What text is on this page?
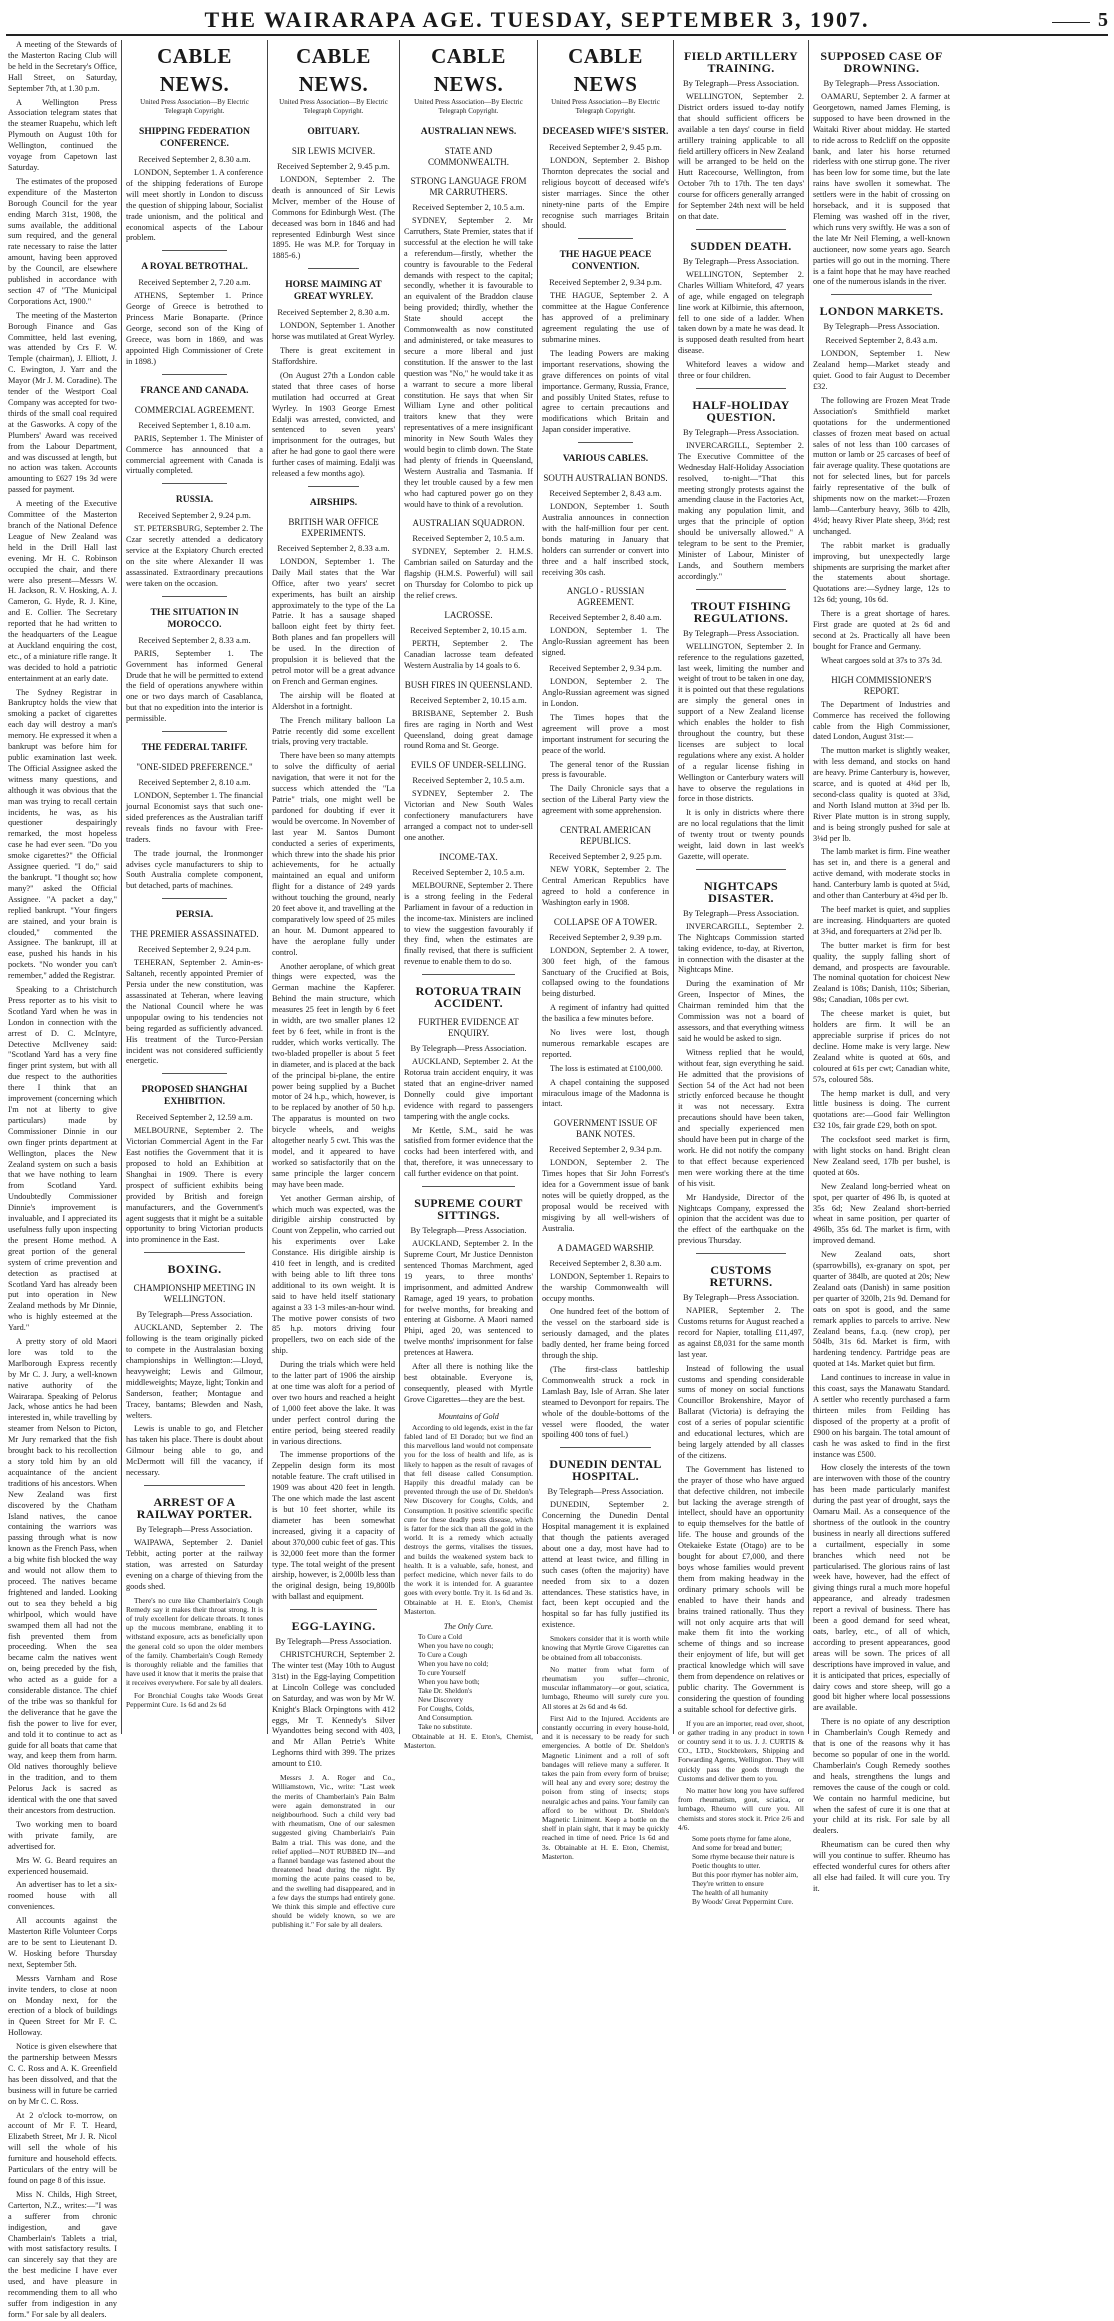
THE WAIRARAPA AGE. TUESDAY, SEPTEMBER 3, 1907.	5

A meeting of the Stewards of the Masterton Racing Club will be held in the Secretary's Office, Hall Street, on Saturday, September 7th, at 1.30 p.m.

A Wellington Press Association telegram states that the steamer Ruapehu, which left Plymouth on August 10th for Wellington, continued the voyage from Capetown last Saturday.

The estimates of the proposed expenditure of the Masterton Borough Council for the year ending March 31st, 1908, the sums available, the additional sum required, and the general rate necessary to raise the latter amount, having been approved by the Council, are elsewhere published in accordance with section 47 of "The Municipal Corporations Act, 1900."

The meeting of the Masterton Borough Finance and Gas Committee, held last evening, was attended by Crs F. W. Temple (chairman), J. Elliott, J. C. Ewington, J. Yarr and the Mayor (Mr J. M. Coradine). The tender of the Westport Coal Company was accepted for two-thirds of the small coal required at the Gasworks. A copy of the Plumbers' Award was received from the Labour Department, and was discussed at length, but no action was taken. Accounts amounting to £627 19s 3d were passed for payment.

A meeting of the Executive Committee of the Masterton branch of the National Defence League of New Zealand was held in the Drill Hall last evening. Mr H. C. Robinson occupied the chair, and there were also present—Messrs W. H. Jackson, R. V. Hosking, A. J. Cameron, G. Hyde, R. J. Kine, and E. Collier. The Secretary reported that he had written to the headquarters of the League at Auckland enquiring the cost, etc., of a miniature rifle range. It was decided to hold a patriotic entertainment at an early date.

The Sydney Registrar in Bankruptcy holds the view that smoking a packet of cigarettes each day will destroy a man's memory. He expressed it when a bankrupt was before him for public examination last week. The Official Assignee asked the witness many questions, and although it was obvious that the man was trying to recall certain incidents, he was, as his questioner despairingly remarked, the most hopeless case he had ever seen. "Do you smoke cigarettes?" the Official Assignee queried. "I do," said the bankrupt. "I thought so; how many?" asked the Official Assignee. "A packet a day," replied bankrupt. "Your fingers are stained, and your brain is clouded," commented the Assignee. The bankrupt, ill at ease, pushed his hands in his pockets. "No wonder you can't remember," added the Registrar.

Speaking to a Christchurch Press reporter as to his visit to Scotland Yard when he was in London in connection with the arrest of D. C. McIntyre, Detective McIlveney said: "Scotland Yard has a very fine finger print system, but with all due respect to the authorities there I think that an improvement (concerning which I'm not at liberty to give particulars) made by Commissioner Dinnie in our own finger prints department at Wellington, places the New Zealand system on such a basis that we have nothing to learn from Scotland Yard. Undoubtedly Commissioner Dinnie's improvement is invaluable, and I appreciated its usefulness fully upon inspecting the present Home method. A great portion of the general system of crime prevention and detection as practised at Scotland Yard has already been put into operation in New Zealand methods by Mr Dinnie, who is highly esteemed at the Yard."

A pretty story of old Maori lore was told to the Marlborough Express recently by Mr C. J. Jury, a well-known native authority of the Wairarapa. Speaking of Pelorus Jack, whose antics he had been interested in, while travelling by steamer from Nelson to Picton, Mr Jury remarked that the fish brought back to his recollection a story told him by an old acquaintance of the ancient traditions of his ancestors. When New Zealand was first discovered by the Chatham Island natives, the canoe containing the warriors was passing through what is now known as the French Pass, when a big white fish blocked the way and would not allow them to proceed. The natives became frightened and landed. Looking out to sea they beheld a big whirlpool, which would have swamped them all had not the fish prevented them from proceeding. When the sea became calm the natives went on, being preceded by the fish, who acted as a guide for a considerable distance. The chief of the tribe was so thankful for the deliverance that he gave the fish the power to live for ever, and told it to continue to act as guide for all boats that came that way, and keep them from harm. Old natives thoroughly believe in the tradition, and to them Pelorus Jack is sacred as identical with the one that saved their ancestors from destruction.

Two working men to board with private family, are advertised for.

Mrs W. G. Beard requires an experienced housemaid.

An advertiser has to let a six-roomed house with all conveniences.

All accounts against the Masterton Rifle Volunteer Corps are to be sent to Lieutenant D. W. Hosking before Thursday next, September 5th.

Messrs Varnham and Rose invite tenders, to close at noon on Monday next, for the erection of a block of buildings in Queen Street for Mr F. C. Holloway.

Notice is given elsewhere that the partnership between Messrs C. C. Ross and A. K. Greenfield has been dissolved, and that the business will in future be carried on by Mr C. C. Ross.

At 2 o'clock to-morrow, on account of Mr F. T. Heard, Elizabeth Street, Mr J. R. Nicol will sell the whole of his furniture and household effects. Particulars of the entry will be found on page 8 of this issue.

Miss N. Childs, High Street, Carterton, N.Z., writes:—"I was a sufferer from chronic indigestion, and gave Chamberlain's Tablets a trial, with most satisfactory results. I can sincerely say that they are the best medicine I have ever used, and have pleasure in recommending them to all who suffer from indigestion in any form." For sale by all dealers.

CABLE NEWS.
United Press Association—By Electric Telegraph Copyright.
SHIPPING FEDERATION CONFERENCE.
Received September 2, 8.30 a.m.

LONDON, September 1. A conference of the shipping federations of Europe will meet shortly in London to discuss the question of shipping labour, Socialist trade unionism, and the political and economical aspects of the Labour problem.

A ROYAL BETROTHAL.
Received September 2, 7.20 a.m.

ATHENS, September 1. Prince George of Greece is betrothed to Princess Marie Bonaparte. (Prince George, second son of the King of Greece, was born in 1869, and was appointed High Commissioner of Crete in 1898.)

FRANCE AND CANADA.
COMMERCIAL AGREEMENT.
Received September 1, 8.10 a.m.

PARIS, September 1. The Minister of Commerce has announced that a commercial agreement with Canada is virtually completed.

RUSSIA.
Received September 2, 9.24 p.m.

ST. PETERSBURG, September 2. The Czar secretly attended a dedicatory service at the Expiatory Church erected on the site where Alexander II was assassinated. Extraordinary precautions were taken on the occasion.

THE SITUATION IN MOROCCO.
Received September 2, 8.33 a.m.

PARIS, September 1. The Government has informed General Drude that he will be permitted to extend the field of operations anywhere within one or two days march of Casablanca, but that no expedition into the interior is permissible.

THE FEDERAL TARIFF.
"ONE-SIDED PREFERENCE."
Received September 2, 8.10 a.m.

LONDON, September 1. The financial journal Economist says that such one-sided preferences as the Australian tariff reveals finds no favour with Free-traders.

The trade journal, the Ironmonger advises cycle manufacturers to ship to South Australia complete component, but detached, parts of machines.

PERSIA.
THE PREMIER ASSASSINATED.
Received September 2, 9.24 p.m.

TEHERAN, September 2. Amin-es-Saltaneh, recently appointed Premier of Persia under the new constitution, was assassinated at Teheran, where leaving the National Council where he was unpopular owing to his tendencies not being regarded as sufficiently advanced. His treatment of the Turco-Persian incident was not considered sufficiently energetic.

PROPOSED SHANGHAI EXHIBITION.
Received September 2, 12.59 a.m.

MELBOURNE, September 2. The Victorian Commercial Agent in the Far East notifies the Government that it is proposed to hold an Exhibition at Shanghai in 1909. There is every prospect of sufficient exhibits being provided by British and foreign manufacturers, and the Government's agent suggests that it might be a suitable opportunity to bring Victorian products into prominence in the East.

BOXING.
CHAMPIONSHIP MEETING IN WELLINGTON.
By Telegraph—Press Association.

AUCKLAND, September 2. The following is the team originally picked to compete in the Australasian boxing championships in Wellington:—Lloyd, heavyweight; Lewis and Gilmour, middleweights; Mayze, light; Tonkin and Sanderson, feather; Montague and Tracey, bantams; Blewden and Nash, welters.

Lewis is unable to go, and Fletcher has taken his place. There is doubt about Gilmour being able to go, and McDermott will fill the vacancy, if necessary.

ARREST OF A RAILWAY PORTER.
By Telegraph—Press Association.

WAIPAWA, September 2. Daniel Tebbit, acting porter at the railway station, was arrested on Saturday evening on a charge of thieving from the goods shed.

There's no cure like Chamberlain's Cough Remedy say it makes their throat strong. It is of truly excellent for delicate throats. It tones up the mucous membrane, enabling it to withstand exposure, acts as beneficially upon the general cold so upon the older members of the family. Chamberlain's Cough Remedy is thoroughly reliable and the families that have used it know that it merits the praise that it receives everywhere. For sale by all dealers.

For Bronchial Coughs take Woods Great Peppermint Cure. 1s 6d and 2s 6d

CABLE NEWS.
United Press Association—By Electric Telegraph Copyright.
OBITUARY.
SIR LEWIS MCIVER.
Received September 2, 9.45 p.m.

LONDON, September 2. The death is announced of Sir Lewis McIver, member of the House of Commons for Edinburgh West. (The deceased was born in 1846 and had represented Edinburgh West since 1895. He was M.P. for Torquay in 1885-6.)

HORSE MAIMING AT GREAT WYRLEY.
Received September 2, 8.30 a.m.

LONDON, September 1. Another horse was mutilated at Great Wyrley.

There is great excitement in Staffordshire.

(On August 27th a London cable stated that three cases of horse mutilation had occurred at Great Wyrley. In 1903 George Ernest Edalji was arrested, convicted, and sentenced to seven years' imprisonment for the outrages, but after he had gone to gaol there were further cases of maiming. Edalji was released a few months ago).

AIRSHIPS.
BRITISH WAR OFFICE EXPERIMENTS.
Received September 2, 8.33 a.m.

LONDON, September 1. The Daily Mail states that the War Office, after two years' secret experiments, has built an airship approximately to the type of the La Patrie. It has a sausage shaped balloon eight feet by thirty feet. Both planes and fan propellers will be used. In the direction of propulsion it is believed that the petrol motor will be a great advance on French and German engines.

The airship will be floated at Aldershot in a fortnight.

The French military balloon La Patrie recently did some excellent trials, proving very tractable.

There have been so many attempts to solve the difficulty of aerial navigation, that were it not for the success which attended the "La Patrie" trials, one might well be pardoned for doubting if ever it would be overcome. In November of last year M. Santos Dumont conducted a series of experiments, which threw into the shade his prior achievements, for he actually maintained an equal and uniform flight for a distance of 249 yards without touching the ground, nearly 20 feet above it, and travelling at the comparatively low speed of 25 miles an hour. M. Dumont appeared to have the aeroplane fully under control.

Another aeroplane, of which great things were expected, was the German machine the Kapferer. Behind the main structure, which measures 25 feet in length by 6 feet in width, are two smaller planes 12 feet by 6 feet, while in front is the rudder, which works vertically. The two-bladed propeller is about 5 feet in diameter, and is placed at the back of the principal bi-plane, the entire power being supplied by a Buchet motor of 24 h.p., which, however, is to be replaced by another of 50 h.p. The apparatus is mounted on two bicycle wheels, and weighs altogether nearly 5 cwt. This was the model, and it appeared to have worked so satisfactorily that on the same principle the larger concern may have been made.

Yet another German airship, of which much was expected, was the dirigible airship constructed by Count von Zeppelin, who carried out his experiments over Lake Constance. His dirigible airship is 410 feet in length, and is credited with being able to lift three tons additional to its own weight. It is said to have held itself stationary against a 33 1-3 miles-an-hour wind. The motive power consists of two 85 h.p. motors driving four propellers, two on each side of the ship.

During the trials which were held to the latter part of 1906 the airship at one time was aloft for a period of over two hours and reached a height of 1,000 feet above the lake. It was under perfect control during the entire period, being steered readily in various directions.

The immense proportions of the Zeppelin design form its most notable feature. The craft utilised in 1909 was about 420 feet in length. The one which made the last ascent is but 10 feet shorter, while its diameter has been somewhat increased, giving it a capacity of about 370,000 cubic feet of gas. This is 32,000 feet more than the former type. The total weight of the present airship, however, is 2,000lb less than the original design, being 19,800lb with ballast and equipment.

EGG-LAYING.
By Telegraph—Press Association.

CHRISTCHURCH, September 2. The winter test (May 10th to August 31st) in the Egg-laying Competition at Lincoln College was concluded on Saturday, and was won by Mr W. Knight's Black Orpingtons with 412 eggs, Mr T. Kennedy's Silver Wyandottes being second with 403, and Mr Allan Petrie's White Leghorns third with 399. The prizes amount to £10.

Messrs J. A. Roger and Co., Williamstown, Vic., write: "Last week the merits of Chamberlain's Pain Balm were again demonstrated in our neighbourhood. Such a child very bad with rheumatism, One of our salesmen suggested giving Chamberlain's Pain Balm a trial. This was done, and the relief applied—NOT RUBBED IN—and a flannel bandage was fastened about the threatened head during the night. By morning the acute pains ceased to be, and the swelling had disappeared, and in a few days the stumps had entirely gone. We think this simple and effective cure should be widely known, so we are publishing it." For sale by all dealers.

CABLE NEWS.
United Press Association—By Electric Telegraph Copyright.
AUSTRALIAN NEWS.
STATE AND COMMONWEALTH.
STRONG LANGUAGE FROM MR CARRUTHERS.
Received September 2, 10.5 a.m.

SYDNEY, September 2. Mr Carruthers, State Premier, states that if successful at the election he will take a referendum—firstly, whether the country is favourable to the Federal demands with respect to the capital; secondly, whether it is favourable to an equivalent of the Braddon clause being provided; thirdly, whether the State should accept the Commonwealth as now constituted and administered, or take measures to secure a more liberal and just constitution. If the answer to the last question was "No," he would take it as a warrant to secure a more liberal constitution. He says that when Sir William Lyne and other political traitors knew that they were representatives of a mere insignificant minority in New South Wales they would begin to climb down. The State had plenty of friends in Queensland, Western Australia and Tasmania. If they let trouble caused by a few men who had captured power go on they would have to think of a revolution.

AUSTRALIAN SQUADRON.
Received September 2, 10.5 a.m.

SYDNEY, September 2. H.M.S. Cambrian sailed on Saturday and the flagship (H.M.S. Powerful) will sail on Thursday for Colombo to pick up the relief crews.

LACROSSE.
Received September 2, 10.15 a.m.

PERTH, September 2. The Canadian lacrosse team defeated Western Australia by 14 goals to 6.

BUSH FIRES IN QUEENSLAND.
Received September 2, 10.15 a.m.

BRISBANE, September 2. Bush fires are raging in North and West Queensland, doing great damage round Roma and St. George.

EVILS OF UNDER-SELLING.
Received September 2, 10.5 a.m.

SYDNEY, September 2. The Victorian and New South Wales confectionery manufacturers have arranged a compact not to under-sell one another.

INCOME-TAX.
Received September 2, 10.5 a.m.

MELBOURNE, September 2. There is a strong feeling in the Federal Parliament in favour of a reduction in the income-tax. Ministers are inclined to view the suggestion favourably if they find, when the estimates are finally revised, that there is sufficient revenue to enable them to do so.

ROTORUA TRAIN ACCIDENT.
FURTHER EVIDENCE AT ENQUIRY.
By Telegraph—Press Association.

AUCKLAND, September 2. At the Rotorua train accident enquiry, it was stated that an engine-driver named Donnelly could give important evidence with regard to passengers tampering with the angle cocks.

Mr Kettle, S.M., said he was satisfied from former evidence that the cocks had been interfered with, and that, therefore, it was unnecessary to call further evidence on that point.

SUPREME COURT SITTINGS.
By Telegraph—Press Association.

AUCKLAND, September 2. In the Supreme Court, Mr Justice Denniston sentenced Thomas Marchment, aged 19 years, to three months' imprisonment, and admitted Andrew Ramage, aged 19 years, to probation for twelve months, for breaking and entering at Gisborne. A Maori named Phipi, aged 20, was sentenced to twelve months' imprisonment for false pretences at Hawera.

After all there is nothing like the best obtainable. Everyone is, consequently, pleased with Myrtle Grove Cigarettes—they are the best.

Mountains of Gold

According to old legends, exist in the far fabled land of El Dorado; but we find an this marvellous land would not compensate you for the loss of health and life, as is likely to happen as the result of ravages of that fell disease called Consumption. Happily this dreadful malady can be prevented through the use of Dr. Sheldon's New Discovery for Coughs, Colds, and Consumption. It positive scientific specific cure for these deadly pests disease, which is fatter for the sick than all the gold in the world. It is a remedy which actually destroys the germs, vitalises the tissues, and builds the weakened system back to health. It is a valuable, safe, honest, and perfect medicine, which never fails to do the work it is intended for. A guarantee goes with every bottle. Try it. 1s 6d and 3s. Obtainable at H. E. Eton's, Chemist Masterton.

The Only Cure.
To Cure a Cold
When you have no cough;
To Cure a Cough
When you have no cold;
To cure Yourself
When you have both;
Take Dr. Sheldon's
New Discovery
For Coughs, Colds,
And Consumption.
Take no substitute.

Obtainable at H. E. Eton's, Chemist, Masterton.

CABLE NEWS
United Press Association—By Electric Telegraph Copyright.
DECEASED WIFE'S SISTER.
Received September 2, 9.45 p.m.

LONDON, September 2. Bishop Thornton deprecates the social and religious boycott of deceased wife's sister marriages. Since the other ninety-nine parts of the Empire recognise such marriages Britain should.

THE HAGUE PEACE CONVENTION.
Received September 2, 9.34 p.m.

THE HAGUE, September 2. A committee at the Hague Conference has approved of a preliminary agreement regulating the use of submarine mines.

The leading Powers are making important reservations, showing the grave differences on points of vital importance. Germany, Russia, France, and possibly United States, refuse to agree to certain precautions and modifications which Britain and Japan consider imperative.

VARIOUS CABLES.
SOUTH AUSTRALIAN BONDS.
Received September 2, 8.43 a.m.

LONDON, September 1. South Australia announces in connection with the half-million four per cent. bonds maturing in January that holders can surrender or convert into three and a half inscribed stock, receiving 30s cash.

ANGLO - RUSSIAN AGREEMENT.
Received September 2, 8.40 a.m.

LONDON, September 1. The Anglo-Russian agreement has been signed.

Received September 2, 9.34 p.m.

LONDON, September 2. The Anglo-Russian agreement was signed in London.

The Times hopes that the agreement will prove a most important instrument for securing the peace of the world.

The general tenor of the Russian press is favourable.

The Daily Chronicle says that a section of the Liberal Party view the agreement with some apprehension.

CENTRAL AMERICAN REPUBLICS.
Received September 2, 9.25 p.m.

NEW YORK, September 2. The Central American Republics have agreed to hold a conference in Washington early in 1908.

COLLAPSE OF A TOWER.
Received September 2, 9.39 p.m.

LONDON, September 2. A tower, 300 feet high, of the famous Sanctuary of the Crucified at Bois, collapsed owing to the foundations being disturbed.

A regiment of infantry had quitted the basilica a few minutes before.

No lives were lost, though numerous remarkable escapes are reported.

The loss is estimated at £100,000.

A chapel containing the supposed miraculous image of the Madonna is intact.

GOVERNMENT ISSUE OF BANK NOTES.
Received September 2, 9.34 p.m.

LONDON, September 2. The Times hopes that Sir John Forrest's idea for a Government issue of bank notes will be quietly dropped, as the proposal would be received with misgiving by all well-wishers of Australia.

A DAMAGED WARSHIP.
Received September 2, 8.30 a.m.

LONDON, September 1. Repairs to the warship Commonwealth will occupy months.

One hundred feet of the bottom of the vessel on the starboard side is seriously damaged, and the plates badly dented, her frame being forced through the ship.

(The first-class battleship Commonwealth struck a rock in Lamlash Bay, Isle of Arran. She later steamed to Devonport for repairs. The whole of the double-bottoms of the vessel were flooded, the water spoiling 400 tons of fuel.)

DUNEDIN DENTAL HOSPITAL.
By Telegraph—Press Association.

DUNEDIN, September 2. Concerning the Dunedin Dental Hospital management it is explained that though the patients averaged about one a day, most have had to attend at least twice, and filling in such cases (often the majority) have needed from six to a dozen attendances. These statistics have, in fact, been kept occupied and the hospital so far has fully justified its existence.

Smokers consider that it is worth while knowing that Myrtle Grove Cigarettes can be obtained from all tobacconists.

No matter from what form of rheumatism you suffer—chronic, muscular inflammatory—or gout, sciatica, lumbago, Rheumo will surely cure you. All stores at 2s 6d and 4s 6d.

First Aid to the Injured. Accidents are constantly occurring in every house-hold, and it is necessary to be ready for such emergencies. A bottle of Dr. Sheldon's Magnetic Liniment and a roll of soft bandages will relieve many a sufferer. It takes the pain from every form of bruise; will heal any and every sore; destroy the poison from sting of insects; stops neuralgic aches and pains. Your family can afford to be without Dr. Sheldon's Magnetic Liniment. Keep a bottle on the shelf in plain sight, that it may be quickly reached in time of need. Price 1s 6d and 3s. Obtainable at H. E. Eton, Chemist, Masterton.

FIELD ARTILLERY TRAINING.
By Telegraph—Press Association.

WELLINGTON, September 2. District orders issued to-day notify that should sufficient officers be available a ten days' course in field artillery training applicable to all field artillery officers in New Zealand will be arranged to be held on the Hutt Racecourse, Wellington, from October 7th to 17th. The ten days' course for officers generally arranged for September 24th next will be held on that date.

SUDDEN DEATH.
By Telegraph—Press Association.

WELLINGTON, September 2. Charles William Whiteford, 47 years of age, while engaged on telegraph line work at Kilbirnie, this afternoon, fell to one side of a ladder. When taken down by a mate he was dead. It is supposed death resulted from heart disease.

Whiteford leaves a widow and three or four children.

HALF-HOLIDAY QUESTION.
By Telegraph—Press Association.

INVERCARGILL, September 2. The Executive Committee of the Wednesday Half-Holiday Association resolved, to-night—"That this meeting strongly protests against the amending clause in the Factories Act, making any population limit, and urges that the principle of option should be universally allowed." A telegram to be sent to the Premier, Minister of Labour, Minister of Lands, and Southern members accordingly."

TROUT FISHING REGULATIONS.
By Telegraph—Press Association.

WELLINGTON, September 2. In reference to the regulations gazetted, last week, limiting the number and weight of trout to be taken in one day, it is pointed out that these regulations are simply the general ones in support of a New Zealand license which enables the holder to fish throughout the country, but these licenses are subject to local regulations where any exist. A holder of a regular license fishing in Wellington or Canterbury waters will have to observe the regulations in force in those districts.

It is only in districts where there are no local regulations that the limit of twenty trout or twenty pounds weight, laid down in last week's Gazette, will operate.

NIGHTCAPS DISASTER.
By Telegraph—Press Association.

INVERCARGILL, September 2. The Nightcaps Commission started taking evidence, to-day, at Riverton, in connection with the disaster at the Nightcaps Mine.

During the examination of Mr Green, Inspector of Mines, the Chairman reminded him that the Commission was not a board of assessors, and that everything witness said he would be asked to sign.

Witness replied that he would, without fear, sign everything he said. He admitted that the provisions of Section 54 of the Act had not been strictly enforced because he thought it was not necessary. Extra precautions should have been taken, and specially experienced men should have been put in charge of the work. He did not notify the company to that effect because experienced men were working there at the time of his visit.

Mr Handyside, Director of the Nightcaps Company, expressed the opinion that the accident was due to the effect of the earthquake on the previous Thursday.

CUSTOMS RETURNS.
By Telegraph—Press Association.

NAPIER, September 2. The Customs returns for August reached a record for Napier, totalling £11,497, as against £8,031 for the same month last year.

Instead of following the usual customs and spending considerable sums of money on social functions Councillor Brokenshire, Mayor of Ballarat (Victoria) is defraying the cost of a series of popular scientific and educational lectures, which are being largely attended by all classes of the citizens.

The Government has listened to the prayer of those who have argued that defective children, not imbecile but lacking the average strength of intellect, should have an opportunity to equip themselves for the battle of life. The house and grounds of the Otekaieke Estate (Otago) are to be bought for about £7,000, and there boys whose families would prevent them from making headway in the ordinary primary schools will be enabled to have their hands and brains trained rationally. Thus they will not only acquire arts that will make them fit into the working scheme of things and so increase their enjoyment of life, but will get practical knowledge which will save them from dependence on relatives or public charity. The Government is considering the question of founding a suitable school for defective girls.

If you are an importer, read over, shoot, or gather trading in any product in town or country send it to us. J. J. CURTIS & CO., LTD., Stockbrokers, Shipping and Forwarding Agents, Wellington. They will quickly pass the goods through the Customs and deliver them to you.

No matter how long you have suffered from rheumatism, gout, sciatica, or lumbago, Rheumo will cure you. All chemists and stores stock it. Price 2/6 and 4/6.

Some poets rhyme for fame alone,
And some for bread and butter;
Some rhyme because their nature is
Poetic thoughts to utter.
But this poor rhymer has nobler aim,
They're written to ensure
The health of all humanity
By Woods' Great Peppermint Cure.
SUPPOSED CASE OF DROWNING.
By Telegraph—Press Association.

OAMARU, September 2. A farmer at Georgetown, named James Fleming, is supposed to have been drowned in the Waitaki River about midday. He started to ride across to Redcliff on the opposite bank, and later his horse returned riderless with one stirrup gone. The river has been low for some time, but the late rains have swollen it somewhat. The settlers were in the habit of crossing on horseback, and it is supposed that Fleming was washed off in the river, which runs very swiftly. He was a son of the late Mr Neil Fleming, a well-known auctioneer, now some years ago. Search parties will go out in the morning. There is a faint hope that he may have reached one of the numerous islands in the river.

LONDON MARKETS.
By Telegraph—Press Association.
Received September 2, 8.43 a.m.

LONDON, September 1. New Zealand hemp—Market steady and quiet. Good to fair August to December £32.

The following are Frozen Meat Trade Association's Smithfield market quotations for the undermentioned classes of frozen meat based on actual sales of not less than 100 carcases of mutton or lamb or 25 carcases of beef of fair average quality. These quotations are not for selected lines, but for parcels fairly representative of the bulk of shipments now on the market:—Frozen lamb—Canterbury heavy, 36lb to 42lb, 4½d; heavy River Plate sheep, 3½d; rest unchanged.

The rabbit market is gradually improving, but unexpectedly large shipments are surprising the market after the statements about shortage. Quotations are:—Sydney large, 12s to 12s 6d; young, 10s 6d.

There is a great shortage of hares. First grade are quoted at 2s 6d and second at 2s. Practically all have been bought for France and Germany.

Wheat cargoes sold at 37s to 37s 3d.

HIGH COMMISSIONER'S REPORT.

The Department of Industries and Commerce has received the following cable from the High Commissioner, dated London, August 31st:—

The mutton market is slightly weaker, with less demand, and stocks on hand are heavy. Prime Canterbury is, however, scarce, and is quoted at 4⅜d per lb, second-class quality is quoted at 3⅞d, and North Island mutton at 3⅝d per lb. River Plate mutton is in strong supply, and is being strongly pushed for sale at 3⅛d per lb.

The lamb market is firm. Fine weather has set in, and there is a general and active demand, with moderate stocks in hand. Canterbury lamb is quoted at 5¼d, and other than Canterbury at 4⅝d per lb.

The beef market is quiet, and supplies are increasing. Hindquarters are quoted at 3⅝d, and forequarters at 2⅞d per lb.

The butter market is firm for best quality, the supply falling short of demand, and prospects are favourable. The nominal quotation for choicest New Zealand is 108s; Danish, 110s; Siberian, 98s; Canadian, 108s per cwt.

The cheese market is quiet, but holders are firm. It will be an appreciable surprise if prices do not decline. Home make is very large. New Zealand white is quoted at 60s, and coloured at 61s per cwt; Canadian white, 57s, coloured 58s.

The hemp market is dull, and very little business is doing. The current quotations are:—Good fair Wellington £32 10s, fair grade £29, both on spot.

The cocksfoot seed market is firm, with light stocks on hand. Bright clean New Zealand seed, 17lb per bushel, is quoted at 60s.

New Zealand long-berried wheat on spot, per quarter of 496 lb, is quoted at 35s 6d; New Zealand short-berried wheat in same position, per quarter of 496lb, 35s 6d. The market is firm, with improved demand.

New Zealand oats, short (sparrowbills), ex-granary on spot, per quarter of 384lb, are quoted at 20s; New Zealand oats (Danish) in same position per quarter of 320lb, 21s 9d. Demand for oats on spot is good, and the same remark applies to parcels to arrive. New Zealand beans, f.a.q. (new crop), per 504lb, 31s 6d. Market is firm, with hardening tendency. Partridge peas are quoted at 14s. Market quiet but firm.

Land continues to increase in value in this coast, says the Manawatu Standard. A settler who recently purchased a farm thirteen miles from Feilding has disposed of the property at a profit of £900 on his bargain. The total amount of cash he was asked to find in the first instance was £500.

How closely the interests of the town are interwoven with those of the country has been made particularly manifest during the past year of drought, says the Oamaru Mail. As a consequence of the shortness of the outlook in the country business in nearly all directions suffered a curtailment, especially in some branches which need not be particularised. The glorious rains of last week have, however, had the effect of giving things rural a much more hopeful appearance, and already tradesmen report a revival of business. There has been a good demand for seed wheat, oats, barley, etc., of all of which, according to present appearances, good areas will be sown. The prices of all descriptions have improved in value, and it is anticipated that prices, especially of dairy cows and store sheep, will go a good bit higher where local possessions are available.

There is no opiate of any description in Chamberlain's Cough Remedy and that is one of the reasons why it has become so popular of one in the world. Chamberlain's Cough Remedy soothes and heals, strengthens the lungs and removes the cause of the cough or cold. We contain no harmful medicine, but when the safest of cure it is one that at your child at its risk. For sale by all dealers.

Rheumatism can be cured then why will you continue to suffer. Rheumo has effected wonderful cures for others after all else had failed. It will cure you. Try it.
